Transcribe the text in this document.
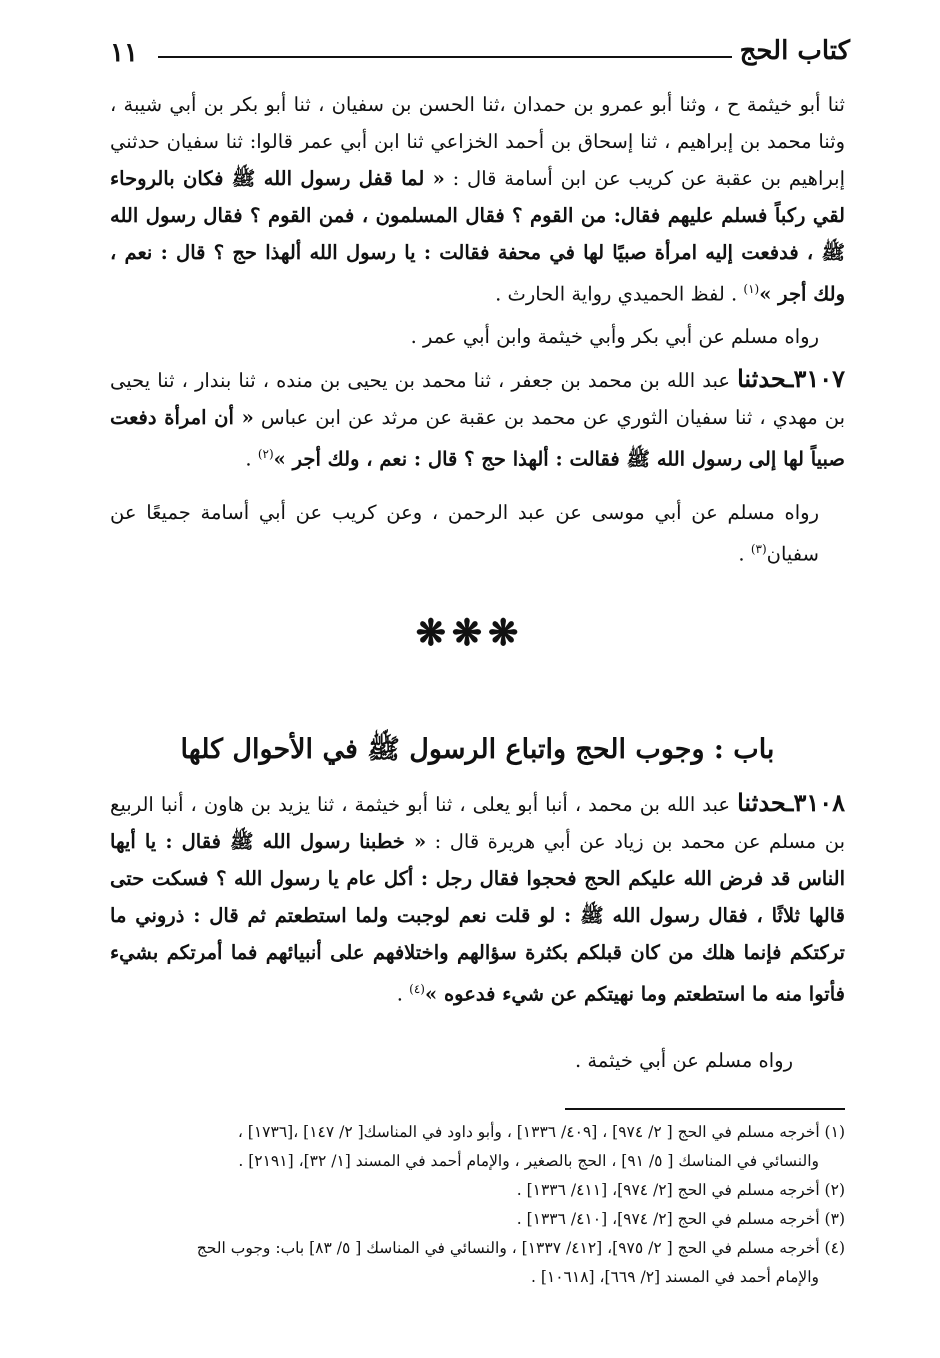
كتاب الحج
١١
ثنا أبو خيثمة ح ، وثنا أبو عمرو بن حمدان ،ثنا الحسن بن سفيان ، ثنا أبو بكر بن أبي شيبة ، وثنا محمد بن إبراهيم ، ثنا إسحاق بن أحمد الخزاعي ثنا ابن أبي عمر قالوا: ثنا سفيان حدثني إبراهيم بن عقبة عن كريب عن ابن أسامة قال : « لما قفل رسول الله ﷺ فكان بالروحاء لقي ركباً فسلم عليهم فقال: من القوم ؟ فقال المسلمون ، فمن القوم ؟ فقال رسول الله ﷺ ، فدفعت إليه امرأة صبيًا لها في محفة فقالت : يا رسول الله ألهذا حج ؟ قال : نعم ، ولك أجر »$^{(١)}$ . لفظ الحميدي رواية الحارث .
رواه مسلم عن أبي بكر وأبي خيثمة وابن أبي عمر .
٣١٠٧ـحدثنا عبد الله بن محمد بن جعفر ، ثنا محمد بن يحيى بن منده ، ثنا بندار ، ثنا يحيى بن مهدي ، ثنا سفيان الثوري عن محمد بن عقبة عن مرثد عن ابن عباس « أن امرأة دفعت صبياً لها إلى رسول الله ﷺ فقالت : ألهذا حج ؟ قال : نعم ، ولك أجر »$^{(٢)}$ .
رواه مسلم عن أبي موسى عن عبد الرحمن ، وعن كريب عن أبي أسامة جميعًا عن سفيان$^{(٣)}$ .
❋❋❋
باب : وجوب الحج واتباع الرسول ﷺ في الأحوال كلها
٣١٠٨ـحدثنا عبد الله بن محمد ، أنبا أبو يعلى ، ثنا أبو خيثمة ، ثنا يزيد بن هاون ، أنبا الربيع بن مسلم عن محمد بن زياد عن أبي هريرة قال : « خطبنا رسول الله ﷺ فقال : يا أيها الناس قد فرض الله عليكم الحج فحجوا فقال رجل : أكل عام يا رسول الله ؟ فسكت حتى قالها ثلاثًا ، فقال رسول الله ﷺ : لو قلت نعم لوجبت ولما استطعتم ثم قال : ذروني ما تركتكم فإنما هلك من كان قبلكم بكثرة سؤالهم واختلافهم على أنبيائهم فما أمرتكم بشيء فأتوا منه ما استطعتم وما نهيتكم عن شيء فدعوه »$^{(٤)}$ .
رواه مسلم عن أبي خيثمة .
(١) أخرجه مسلم في الحج [ ٢/ ٩٧٤] ، [٤٠٩/ ١٣٣٦] ، وأبو داود في المناسك[ ٢/ ١٤٧] ،[١٧٣٦] ،
والنسائي في المناسك [ ٥/ ٩١] ، الحج بالصغير ، والإمام أحمد في المسند [١/ ٣٢]، [٢١٩١] .
(٢) أخرجه مسلم في الحج [٢/ ٩٧٤]، [٤١١/ ١٣٣٦] .
(٣) أخرجه مسلم في الحج [٢/ ٩٧٤]، [٤١٠/ ١٣٣٦] .
(٤) أخرجه مسلم في الحج [ ٢/ ٩٧٥]، [٤١٢/ ١٣٣٧] ، والنسائي في المناسك [ ٥/ ٨٣] باب: وجوب الحج
والإمام أحمد في المسند [٢/ ٦٦٩]، [١٠٦١٨] .
